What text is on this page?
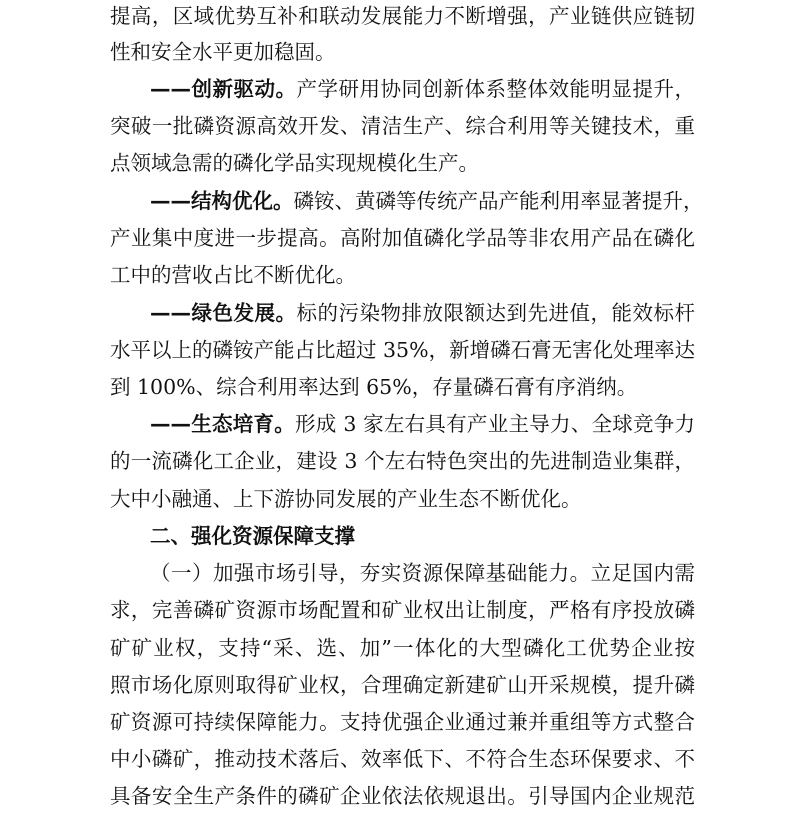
提高，区域优势互补和联动发展能力不断增强，产业链供应链韧
性和安全水平更加稳固。
——创新驱动。产学研用协同创新体系整体效能明显提升，
突破一批磷资源高效开发、清洁生产、综合利用等关键技术，重
点领域急需的磷化学品实现规模化生产。
——结构优化。磷铵、黄磷等传统产品产能利用率显著提升，
产业集中度进一步提高。高附加值磷化学品等非农用产品在磷化
工中的营收占比不断优化。
——绿色发展。标的污染物排放限额达到先进值，能效标杆
水平以上的磷铵产能占比超过 35%，新增磷石膏无害化处理率达
到 100%、综合利用率达到 65%，存量磷石膏有序消纳。
——生态培育。形成 3 家左右具有产业主导力、全球竞争力
的一流磷化工企业，建设 3 个左右特色突出的先进制造业集群，
大中小融通、上下游协同发展的产业生态不断优化。
二、强化资源保障支撑
（一）加强市场引导，夯实资源保障基础能力。立足国内需
求，完善磷矿资源市场配置和矿业权出让制度，严格有序投放磷
矿矿业权，支持“采、选、加”一体化的大型磷化工优势企业按
照市场化原则取得矿业权，合理确定新建矿山开采规模，提升磷
矿资源可持续保障能力。支持优强企业通过兼并重组等方式整合
中小磷矿，推动技术落后、效率低下、不符合生态环保要求、不
具备安全生产条件的磷矿企业依法依规退出。引导国内企业规范
